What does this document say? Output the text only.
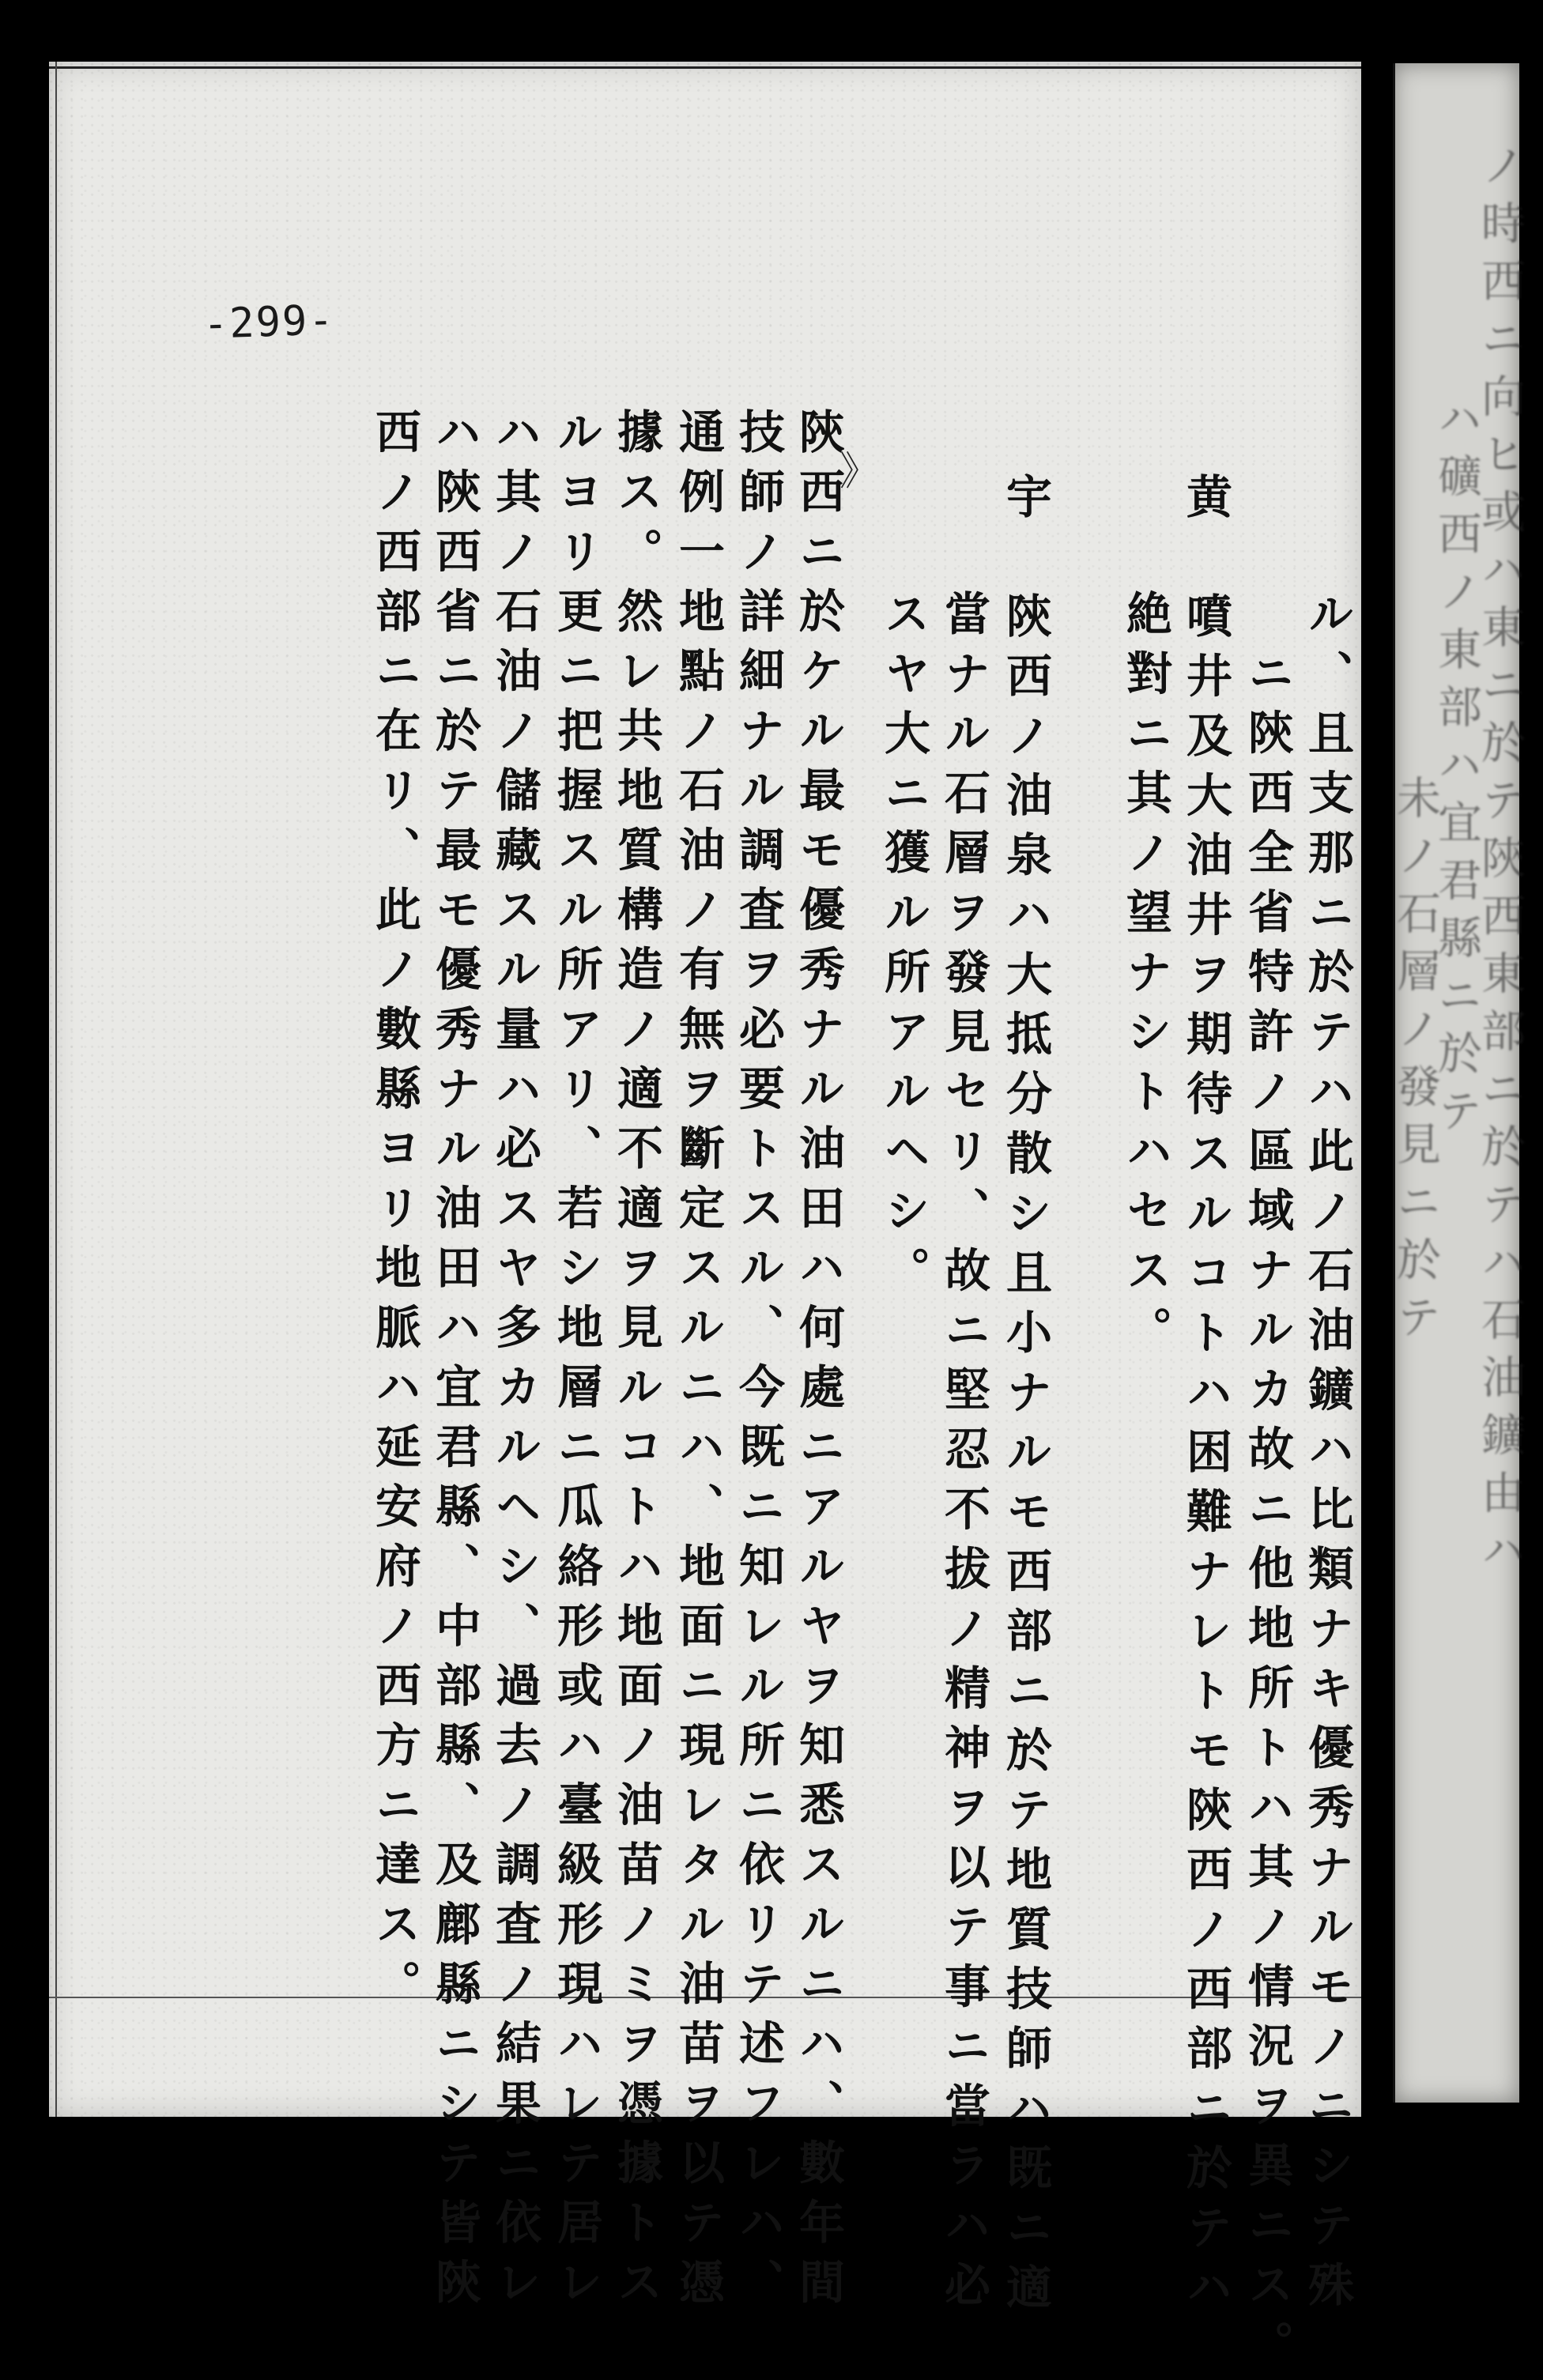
-299-
》
ル、且支那ニ於テハ此ノ石油鑛ハ比類ナキ優秀ナルモノニシテ殊
ニ陝西全省特許ノ區域ナルカ故ニ他地所トハ其ノ情況ヲ異ニス。
黄　噴井及大油井ヲ期待スルコトハ困難ナレトモ陝西ノ西部ニ於テハ
絶對ニ其ノ望ナシトハセス。
宇　陝西ノ油泉ハ大抵分散シ且小ナルモ西部ニ於テ地質技師ハ既ニ適
當ナル石層ヲ發見セリ、故ニ堅忍不拔ノ精神ヲ以テ事ニ當ラハ必
スヤ大ニ獲ル所アルヘシ。
陝西ニ於ケル最モ優秀ナル油田ハ何處ニアルヤヲ知悉スルニハ、數年間
技師ノ詳細ナル調査ヲ必要トスル、今既ニ知レル所ニ依リテ述フレハ、
通例一地點ノ石油ノ有無ヲ斷定スルニハ、地面ニ現レタル油苗ヲ以テ憑
據ス。然レ共地質構造ノ適不適ヲ見ルコトハ地面ノ油苗ノミヲ憑據トス
ルヨリ更ニ把握スル所アリ、若シ地層ニ瓜絡形或ハ臺級形現ハレテ居レ
ハ其ノ石油ノ儲藏スル量ハ必スヤ多カルヘシ、過去ノ調査ノ結果ニ依レ
ハ陝西省ニ於テ最モ優秀ナル油田ハ宜君縣、中部縣、及鄜縣ニシテ皆陝
西ノ西部ニ在リ、此ノ數縣ヨリ地脈ハ延安府ノ西方ニ達ス。	ノ時西ニ向ヒ或ハ東ニ於テ陝西東部ニ於テハ石油鑛由ハ
ハ礦西ノ東部ハ宜君縣ニ於テ
未ノ石層ノ發見ニ於テ
